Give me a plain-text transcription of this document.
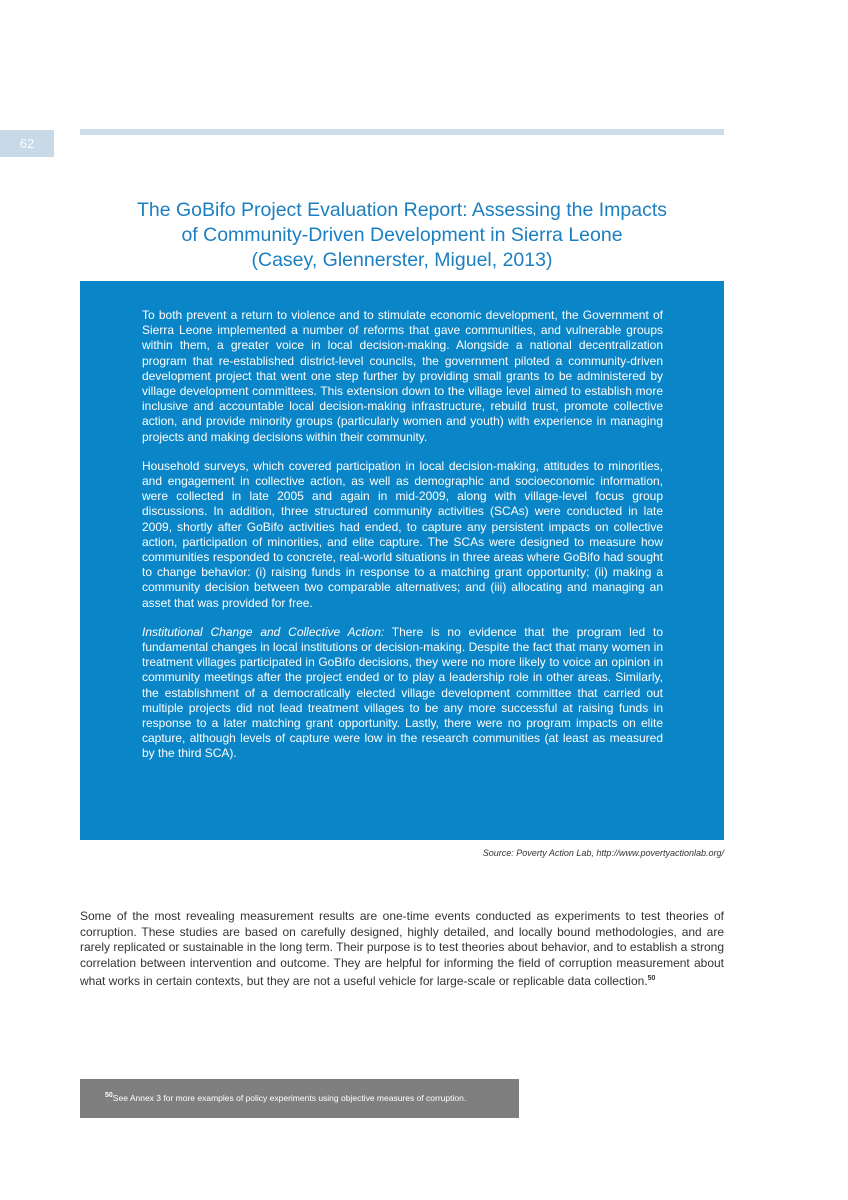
62
The GoBifo Project Evaluation Report: Assessing the Impacts
of Community-Driven Development in Sierra Leone
(Casey, Glennerster, Miguel, 2013)

To both prevent a return to violence and to stimulate economic development, the Government of Sierra Leone implemented a number of reforms that gave communities, and vulnerable groups within them, a greater voice in local decision-making. Alongside a national decentralization program that re-established district-level councils, the government piloted a community-driven development project that went one step further by providing small grants to be administered by village development committees. This extension down to the village level aimed to establish more inclusive and accountable local decision-making infrastructure, rebuild trust, promote collective action, and provide minority groups (particularly women and youth) with experience in managing projects and making decisions within their community.

Household surveys, which covered participation in local decision-making, attitudes to minorities, and engagement in collective action, as well as demographic and socioeconomic information, were collected in late 2005 and again in mid-2009, along with village-level focus group discussions. In addition, three structured community activities (SCAs) were conducted in late 2009, shortly after GoBifo activities had ended, to capture any persistent impacts on collective action, participation of minorities, and elite capture. The SCAs were designed to measure how communities responded to concrete, real-world situations in three areas where GoBifo had sought to change behavior: (i) raising funds in response to a matching grant opportunity; (ii) making a community decision between two comparable alternatives; and (iii) allocating and managing an asset that was provided for free.

Institutional Change and Collective Action: There is no evidence that the program led to fundamental changes in local institutions or decision-making. Despite the fact that many women in treatment villages participated in GoBifo decisions, they were no more likely to voice an opinion in community meetings after the project ended or to play a leadership role in other areas. Similarly, the establishment of a democratically elected village development committee that carried out multiple projects did not lead treatment villages to be any more successful at raising funds in response to a later matching grant opportunity. Lastly, there were no program impacts on elite capture, although levels of capture were low in the research communities (at least as measured by the third SCA).

Source: Poverty Action Lab, http://www.povertyactionlab.org/

Some of the most revealing measurement results are one-time events conducted as experiments to test theories of corruption. These studies are based on carefully designed, highly detailed, and locally bound methodologies, and are rarely replicated or sustainable in the long term. Their purpose is to test theories about behavior, and to establish a strong correlation between intervention and outcome. They are helpful for informing the field of corruption measurement about what works in certain contexts, but they are not a useful vehicle for large-scale or replicable data collection.$^{50}$

$^{50}$See Annex 3 for more examples of policy experiments using objective measures of corruption.
